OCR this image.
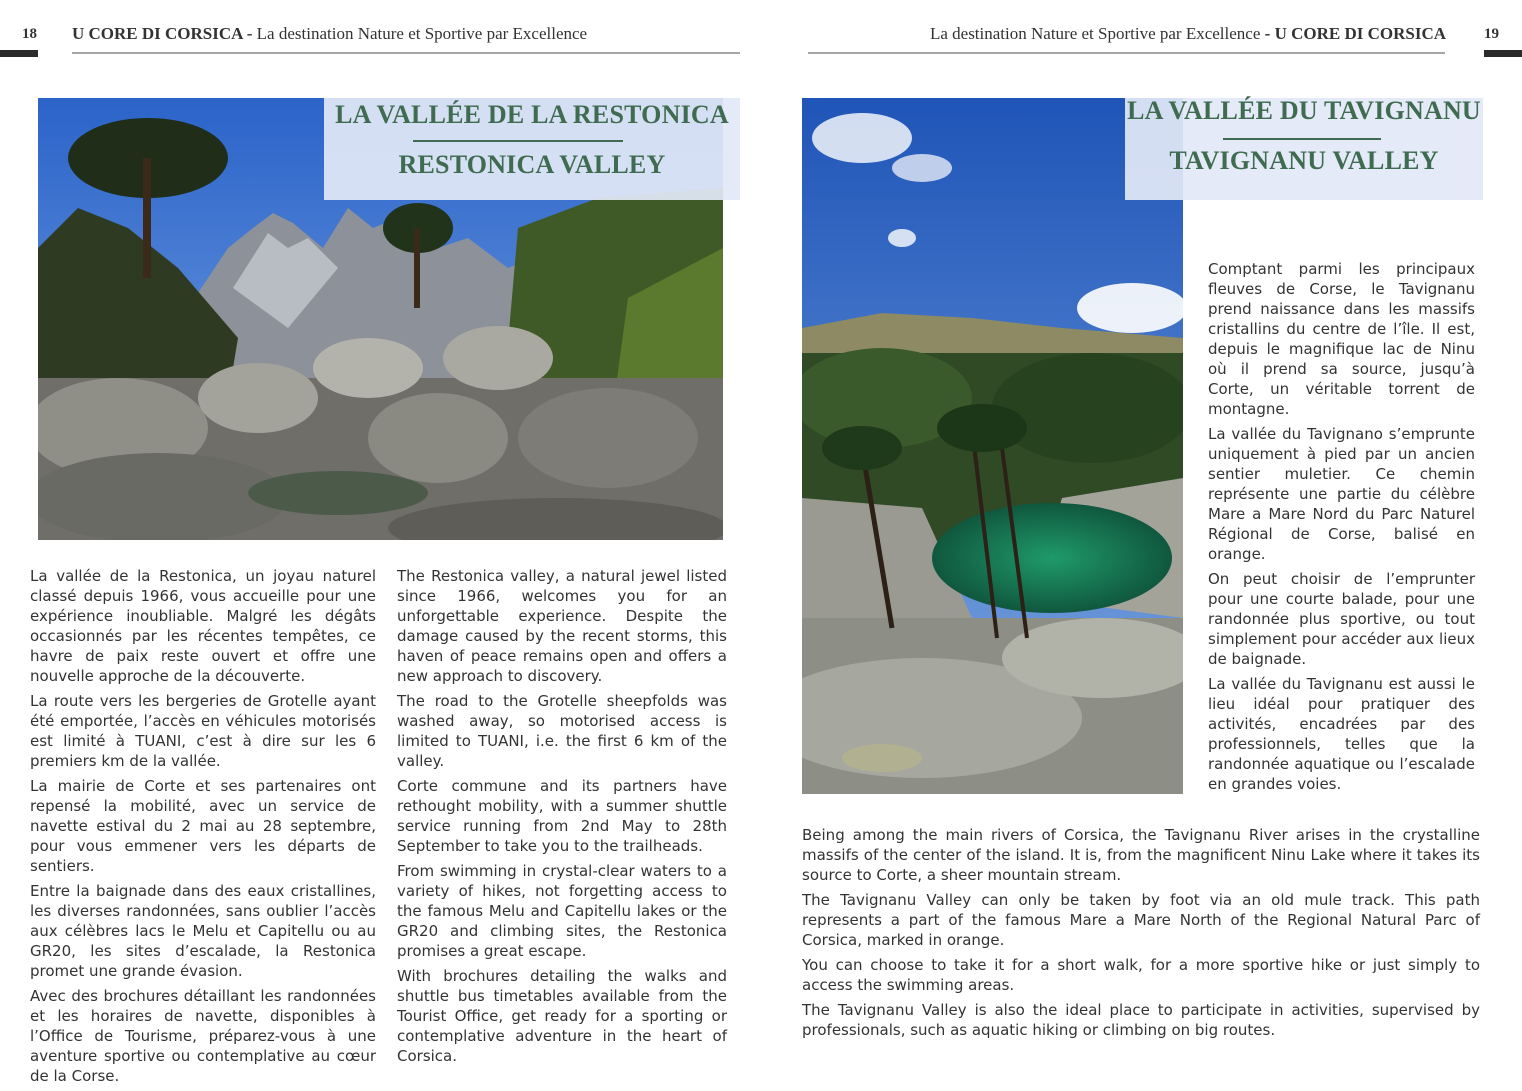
18 U CORE DI CORSICA - La destination Nature et Sportive par Excellence	La destination Nature et Sportive par Excellence - U CORE DI CORSICA	19
LA VALLÉE DE LA RESTONICA
RESTONICA VALLEY

La vallée de la Restonica, un joyau naturel classé depuis 1966, vous accueille pour une expérience inoubliable. Malgré les dégâts occasionnés par les récentes tempêtes, ce havre de paix reste ouvert et offre une nouvelle approche de la découverte.

La route vers les bergeries de Grotelle ayant été emportée, l’accès en véhicules motorisés est limité à TUANI, c’est à dire sur les 6 premiers km de la vallée.

La mairie de Corte et ses partenaires ont repensé la mobilité, avec un service de navette estival du 2 mai au 28 septembre, pour vous emmener vers les départs de sentiers.

Entre la baignade dans des eaux cristallines, les diverses randonnées, sans oublier l’accès aux célèbres lacs le Melu et Capitellu ou au GR20, les sites d’escalade, la Restonica promet une grande évasion.

Avec des brochures détaillant les randonnées et les horaires de navette, disponibles à l’Office de Tourisme, préparez-vous à une aventure sportive ou contemplative au cœur de la Corse.

The Restonica valley, a natural jewel listed since 1966, welcomes you for an unforgettable experience. Despite the damage caused by the recent storms, this haven of peace remains open and offers a new approach to discovery.

The road to the Grotelle sheepfolds was washed away, so motorised access is limited to TUANI, i.e. the first 6 km of the valley.

Corte commune and its partners have rethought mobility, with a summer shuttle service running from 2nd May to 28th September to take you to the trailheads.

From swimming in crystal-clear waters to a variety of hikes, not forgetting access to the famous Melu and Capitellu lakes or the GR20 and climbing sites, the Restonica promises a great escape.

With brochures detailing the walks and shuttle bus timetables available from the Tourist Office, get ready for a sporting or contemplative adventure in the heart of Corsica.

LA VALLÉE DU TAVIGNANU
TAVIGNANU VALLEY

Comptant parmi les principaux fleuves de Corse, le Tavignanu prend naissance dans les massifs cristallins du centre de l’île. Il est, depuis le magnifique lac de Ninu où il prend sa source, jusqu’à Corte, un véritable torrent de montagne.

La vallée du Tavignano s’emprunte uniquement à pied par un ancien sentier muletier. Ce chemin représente une partie du célèbre Mare a Mare Nord du Parc Naturel Régional de Corse, balisé en orange.

On peut choisir de l’emprunter pour une courte balade, pour une randonnée plus sportive, ou tout simplement pour accéder aux lieux de baignade.

La vallée du Tavignanu est aussi le lieu idéal pour pratiquer des activités, encadrées par des professionnels, telles que la randonnée aquatique ou l’escalade en grandes voies.

Being among the main rivers of Corsica, the Tavignanu River arises in the crystalline massifs of the center of the island. It is, from the magnificent Ninu Lake where it takes its source to Corte, a sheer mountain stream.

The Tavignanu Valley can only be taken by foot via an old mule track. This path represents a part of the famous Mare a Mare North of the Regional Natural Parc of Corsica, marked in orange.

You can choose to take it for a short walk, for a more sportive hike or just simply to access the swimming areas.

The Tavignanu Valley is also the ideal place to participate in activities, supervised by professionals, such as aquatic hiking or climbing on big routes.
